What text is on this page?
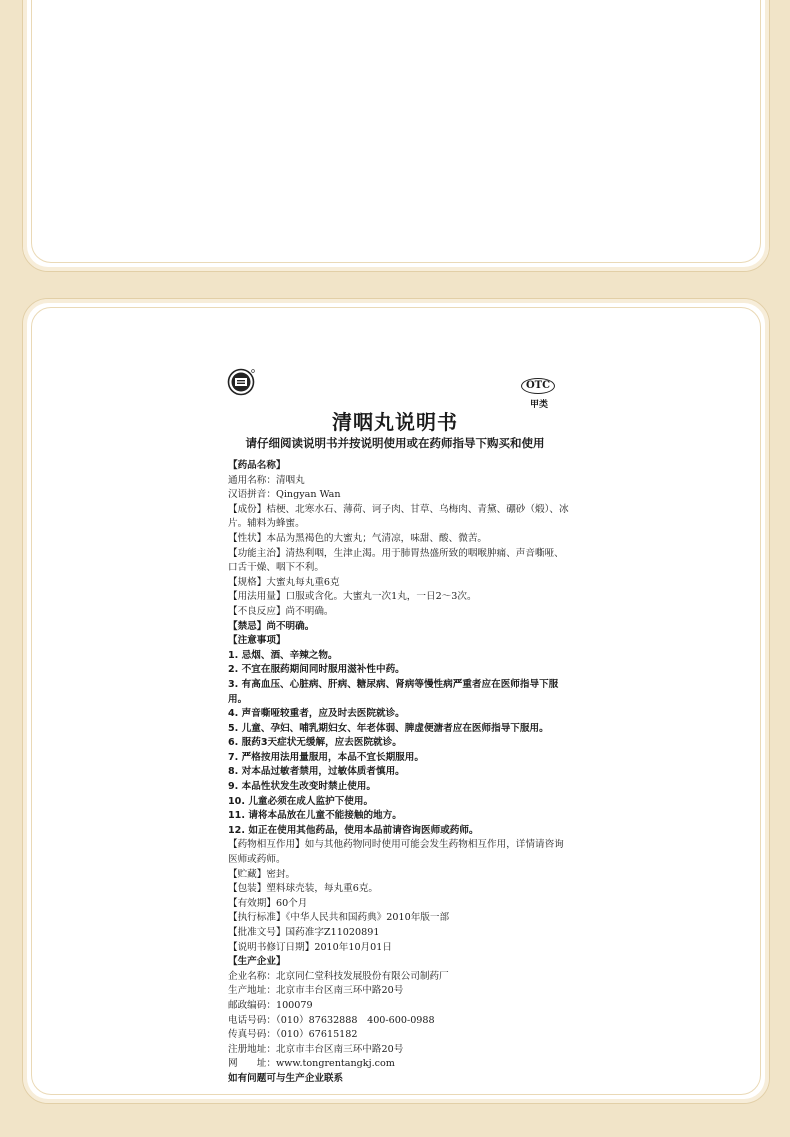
OTC
甲类
清咽丸说明书
请仔细阅读说明书并按说明使用或在药师指导下购买和使用

【药品名称】

通用名称：清咽丸

汉语拼音：Qingyan Wan

【成份】桔梗、北寒水石、薄荷、诃子肉、甘草、乌梅肉、青黛、硼砂（煅）、冰

片。辅料为蜂蜜。

【性状】本品为黑褐色的大蜜丸；气清凉，味甜、酸、微苦。

【功能主治】清热利咽，生津止渴。用于肺胃热盛所致的咽喉肿痛、声音嘶哑、

口舌干燥、咽下不利。

【规格】大蜜丸每丸重6克

【用法用量】口服或含化。大蜜丸一次1丸，一日2～3次。

【不良反应】尚不明确。

【禁忌】尚不明确。

【注意事项】

1. 忌烟、酒、辛辣之物。

2. 不宜在服药期间同时服用滋补性中药。

3. 有高血压、心脏病、肝病、糖尿病、肾病等慢性病严重者应在医师指导下服用。

4. 声音嘶哑较重者，应及时去医院就诊。

5. 儿童、孕妇、哺乳期妇女、年老体弱、脾虚便溏者应在医师指导下服用。

6. 服药3天症状无缓解，应去医院就诊。

7. 严格按用法用量服用，本品不宜长期服用。

8. 对本品过敏者禁用，过敏体质者慎用。

9. 本品性状发生改变时禁止使用。

10. 儿童必须在成人监护下使用。

11. 请将本品放在儿童不能接触的地方。

12. 如正在使用其他药品，使用本品前请咨询医师或药师。

【药物相互作用】如与其他药物同时使用可能会发生药物相互作用，详情请咨询

医师或药师。

【贮藏】密封。

【包装】塑料球壳装，每丸重6克。

【有效期】60个月

【执行标准】《中华人民共和国药典》2010年版一部

【批准文号】国药准字Z11020891

【说明书修订日期】2010年10月01日

【生产企业】

企业名称：北京同仁堂科技发展股份有限公司制药厂

生产地址：北京市丰台区南三环中路20号

邮政编码：100079

电话号码：（010）87632888　400-600-0988

传真号码：（010）67615182

注册地址：北京市丰台区南三环中路20号

网　　址：www.tongrentangkj.com

如有问题可与生产企业联系
